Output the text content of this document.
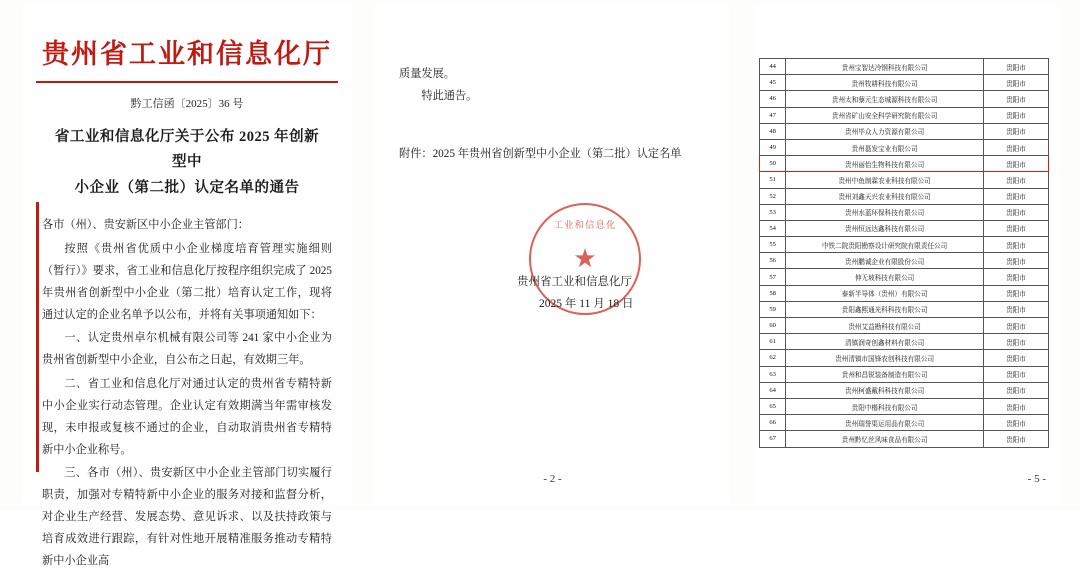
贵州省工业和信息化厅
黔工信函〔2025〕36 号
省工业和信息化厅关于公布 2025 年创新型中
小企业（第二批）认定名单的通告

各市（州）、贵安新区中小企业主管部门：

按照《贵州省优质中小企业梯度培育管理实施细则（暂行）》要求，省工业和信息化厅按程序组织完成了 2025 年贵州省创新型中小企业（第二批）培育认定工作，现将通过认定的企业名单予以公布，并将有关事项通知如下：

一、认定贵州卓尔机械有限公司等 241 家中小企业为贵州省创新型中小企业，自公布之日起，有效期三年。

二、省工业和信息化厅对通过认定的贵州省专精特新中小企业实行动态管理。企业认定有效期满当年需审核发现，未申报或复核不通过的企业，自动取消贵州省专精特新中小企业称号。

三、各市（州）、贵安新区中小企业主管部门切实履行职责，加强对专精特新中小企业的服务对接和监督分析，对企业生产经营、发展态势、意见诉求、以及扶持政策与培育成效进行跟踪，有针对性地开展精准服务推动专精特新中小企业高

质量发展。
特此通告。
附件：2025 年贵州省创新型中小企业（第二批）认定名单
工业和信息化
★
贵州省工业和信息化厅
2025 年 11 月 18 日
- 2 -
44	贵州宝智达冷钢科技有限公司	贵阳市
45	贵州牧耕科技有限公司	贵阳市
46	贵州太和藜元生态城源科技有限公司	贵阳市
47	贵州省矿山安全科学研究院有限公司	贵阳市
48	贵州毕众人力资源有限公司	贵阳市
49	贵州磊发宝业有限公司	贵阳市
50	贵州丽怡生物科技有限公司	贵阳市
51	贵州中鱼制霖农业科技有限公司	贵阳市
52	贵州刘鑫天兴农业科技有限公司	贵阳市
53	贵州水蓝环保科技有限公司	贵阳市
54	贵州恒远达鑫科技有限公司	贵阳市
55	中铁二院贵阳勘察设计研究院有限责任公司	贵阳市
56	贵州鹏诚企业有限股份公司	贵阳市
57	伸无坡科技有限公司	贵阳市
58	泰新半导体（贵州）有限公司	贵阳市
59	贵阳鑫熙通光科科技有限公司	贵阳市
60	贵州艾益勘科技有限公司	贵阳市
61	清镇润奇创鑫材料有限公司	贵阳市
62	贵州清镇市国锋农创科技有限公司	贵阳市
63	贵州和昌锐装备制造有限公司	贵阳市
64	贵州柯盛戴科科技有限公司	贵阳市
65	贵阳中楷科技有限公司	贵阳市
66	贵州瑞誉渠运用品有限公司	贵阳市
67	贵州黔忆丝风味食品有限公司	贵阳市
- 5 -
